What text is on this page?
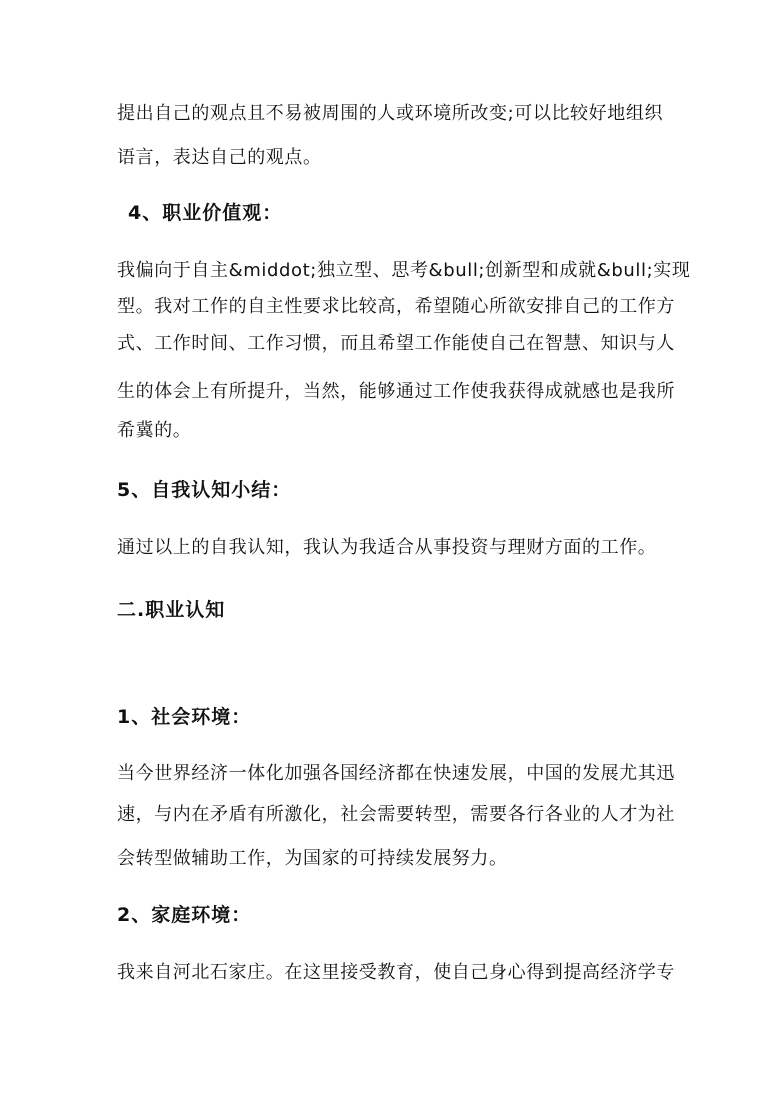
提出自己的观点且不易被周围的人或环境所改变;可以比较好地组织
语言，表达自己的观点。
4、职业价值观：
我偏向于自主&middot;独立型、思考&bull;创新型和成就&bull;实现
型。我对工作的自主性要求比较高，希望随心所欲安排自己的工作方
式、工作时间、工作习惯，而且希望工作能使自己在智慧、知识与人
生的体会上有所提升，当然，能够通过工作使我获得成就感也是我所
希冀的。
5、自我认知小结：
通过以上的自我认知，我认为我适合从事投资与理财方面的工作。
二.职业认知
1、社会环境：
当今世界经济一体化加强各国经济都在快速发展，中国的发展尤其迅
速，与内在矛盾有所激化，社会需要转型，需要各行各业的人才为社
会转型做辅助工作，为国家的可持续发展努力。
2、家庭环境：
我来自河北石家庄。在这里接受教育，使自己身心得到提高经济学专
